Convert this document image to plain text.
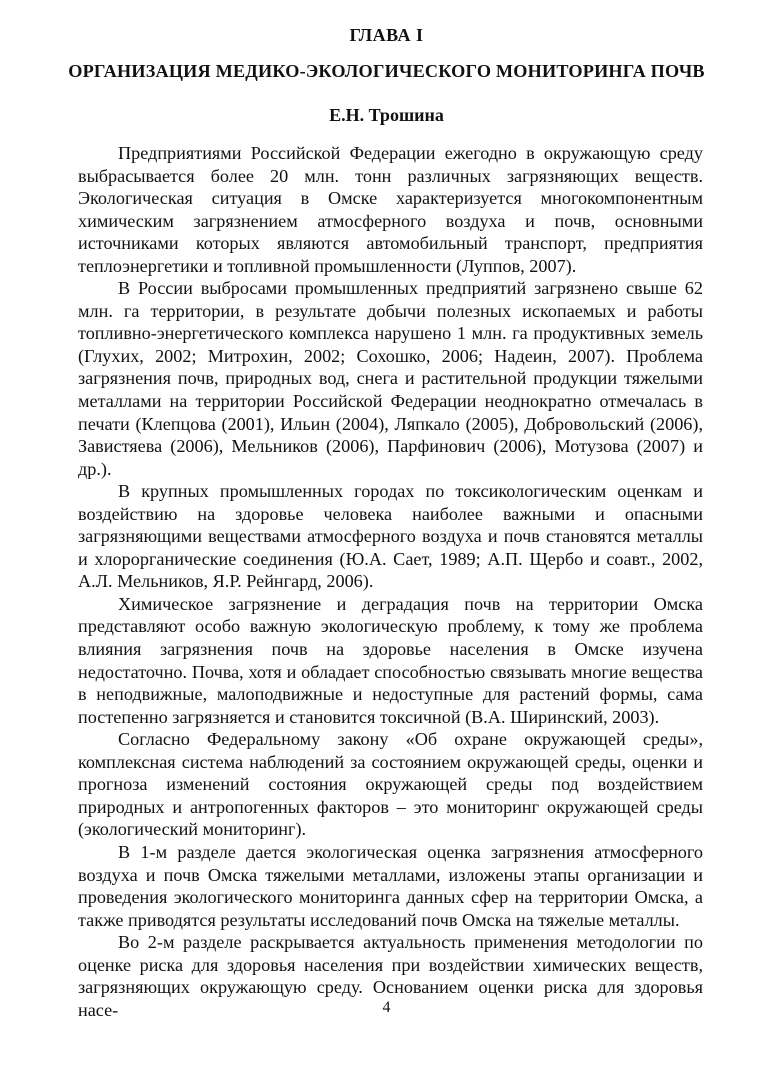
ГЛАВА I
ОРГАНИЗАЦИЯ МЕДИКО-ЭКОЛОГИЧЕСКОГО МОНИТОРИНГА ПОЧВ
Е.Н. Трошина

Предприятиями Российской Федерации ежегодно в окружающую среду выбрасывается более 20 млн. тонн различных загрязняющих веществ. Экологическая ситуация в Омске характеризуется многокомпонентным химическим загрязнением атмосферного воздуха и почв, основными источниками которых являются автомобильный транспорт, предприятия теплоэнергетики и топливной промышленности (Луппов, 2007).

В России выбросами промышленных предприятий загрязнено свыше 62 млн. га территории, в результате добычи полезных ископаемых и работы топливно-энергетического комплекса нарушено 1 млн. га продуктивных земель (Глухих, 2002; Митрохин, 2002; Сохошко, 2006; Надеин, 2007). Проблема загрязнения почв, природных вод, снега и растительной продукции тяжелыми металлами на территории Российской Федерации неоднократно отмечалась в печати (Клепцова (2001), Ильин (2004), Ляпкало (2005), Добровольский (2006), Завистяева (2006), Мельников (2006), Парфинович (2006), Мотузова (2007) и др.).

В крупных промышленных городах по токсикологическим оценкам и воздействию на здоровье человека наиболее важными и опасными загрязняющими веществами атмосферного воздуха и почв становятся металлы и хлорорганические соединения (Ю.А. Сает, 1989; А.П. Щербо и соавт., 2002, А.Л. Мельников, Я.Р. Рейнгард, 2006).

Химическое загрязнение и деградация почв на территории Омска представляют особо важную экологическую проблему, к тому же проблема влияния загрязнения почв на здоровье населения в Омске изучена недостаточно. Почва, хотя и обладает способностью связывать многие вещества в неподвижные, малоподвижные и недоступные для растений формы, сама постепенно загрязняется и становится токсичной (В.А. Ширинский, 2003).

Согласно Федеральному закону «Об охране окружающей среды», комплексная система наблюдений за состоянием окружающей среды, оценки и прогноза изменений состояния окружающей среды под воздействием природных и антропогенных факторов – это мониторинг окружающей среды (экологический мониторинг).

В 1-м разделе дается экологическая оценка загрязнения атмосферного воздуха и почв Омска тяжелыми металлами, изложены этапы организации и проведения экологического мониторинга данных сфер на территории Омска, а также приводятся результаты исследований почв Омска на тяжелые металлы.

Во 2-м разделе раскрывается актуальность применения методологии по оценке риска для здоровья населения при воздействии химических веществ, загрязняющих окружающую среду. Основанием оценки риска для здоровья насе-	4
